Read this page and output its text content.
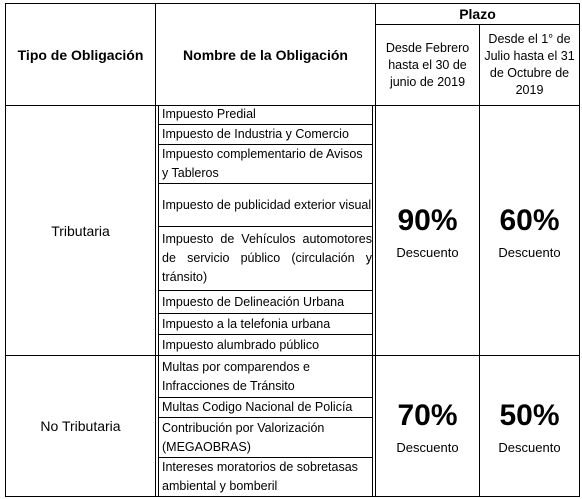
Tipo de Obligación	Nombre de la Obligación
Plazo
Desde Febrero hasta el 30 de junio de 2019
Desde el 1° de Julio hasta el 31 de Octubre de 2019
Tributaria
Impuesto Predial
Impuesto de Industria y Comercio
Impuesto complementario de Avisos y Tableros
Impuesto de publicidad exterior visual
Impuesto de Vehículos automotores de servicio público (circulación y tránsito)
Impuesto de Delineación Urbana
Impuesto a la telefonia urbana
Impuesto alumbrado público
90%
Descuento
60%
Descuento
No Tributaria
Multas por comparendos e Infracciones de Tránsito
Multas Codigo Nacional de Policía
Contribución por Valorización (MEGAOBRAS)
Intereses moratorios de sobretasas ambiental y bomberil
70%
Descuento
50%
Descuento
